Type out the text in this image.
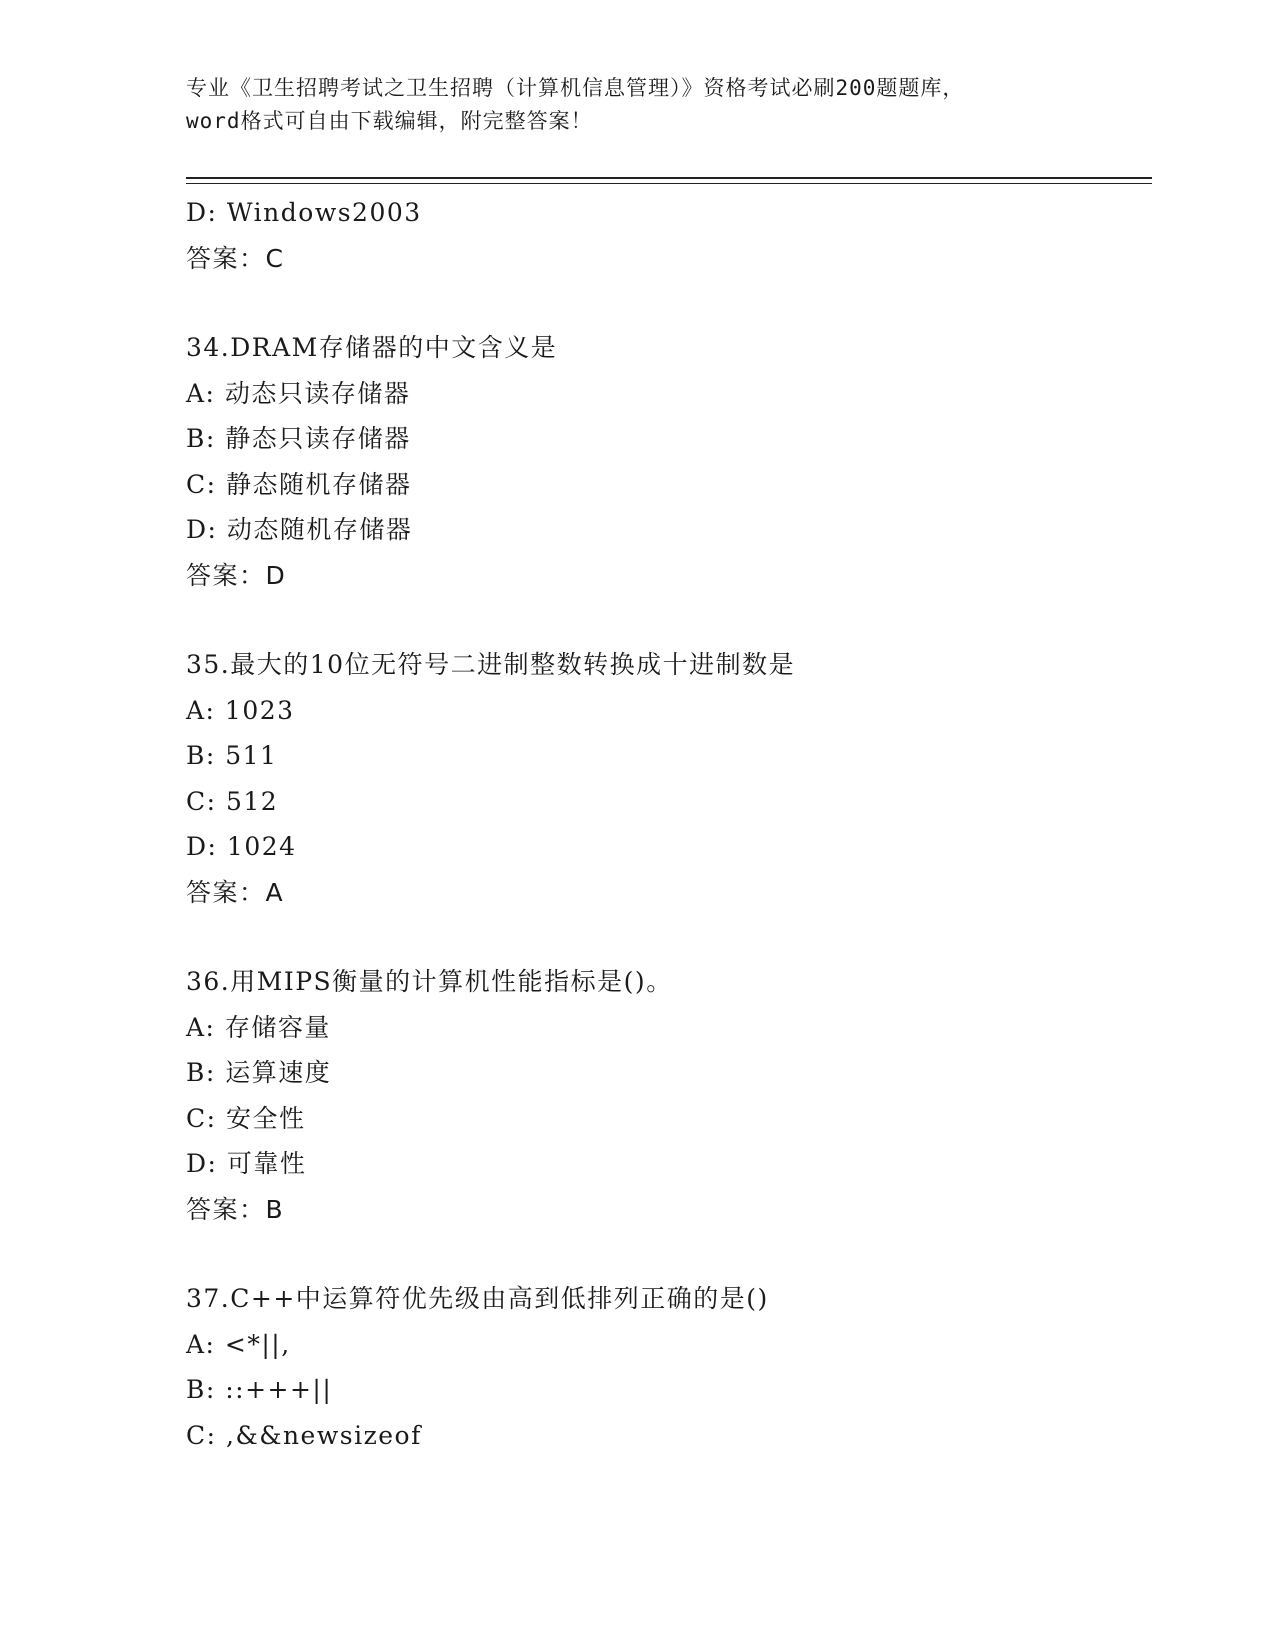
专业《卫生招聘考试之卫生招聘（计算机信息管理）》资格考试必刷200题题库，
word格式可自由下载编辑，附完整答案！
D: Windows2003
答案：C
34.DRAM存储器的中文含义是
A: 动态只读存储器
B: 静态只读存储器
C: 静态随机存储器
D: 动态随机存储器
答案：D
35.最大的10位无符号二进制整数转换成十进制数是
A: 1023
B: 511
C: 512
D: 1024
答案：A
36.用MIPS衡量的计算机性能指标是()。
A: 存储容量
B: 运算速度
C: 安全性
D: 可靠性
答案：B
37.C++中运算符优先级由高到低排列正确的是()
A: <*||,
B: ::+++||
C: ,&&newsizeof
